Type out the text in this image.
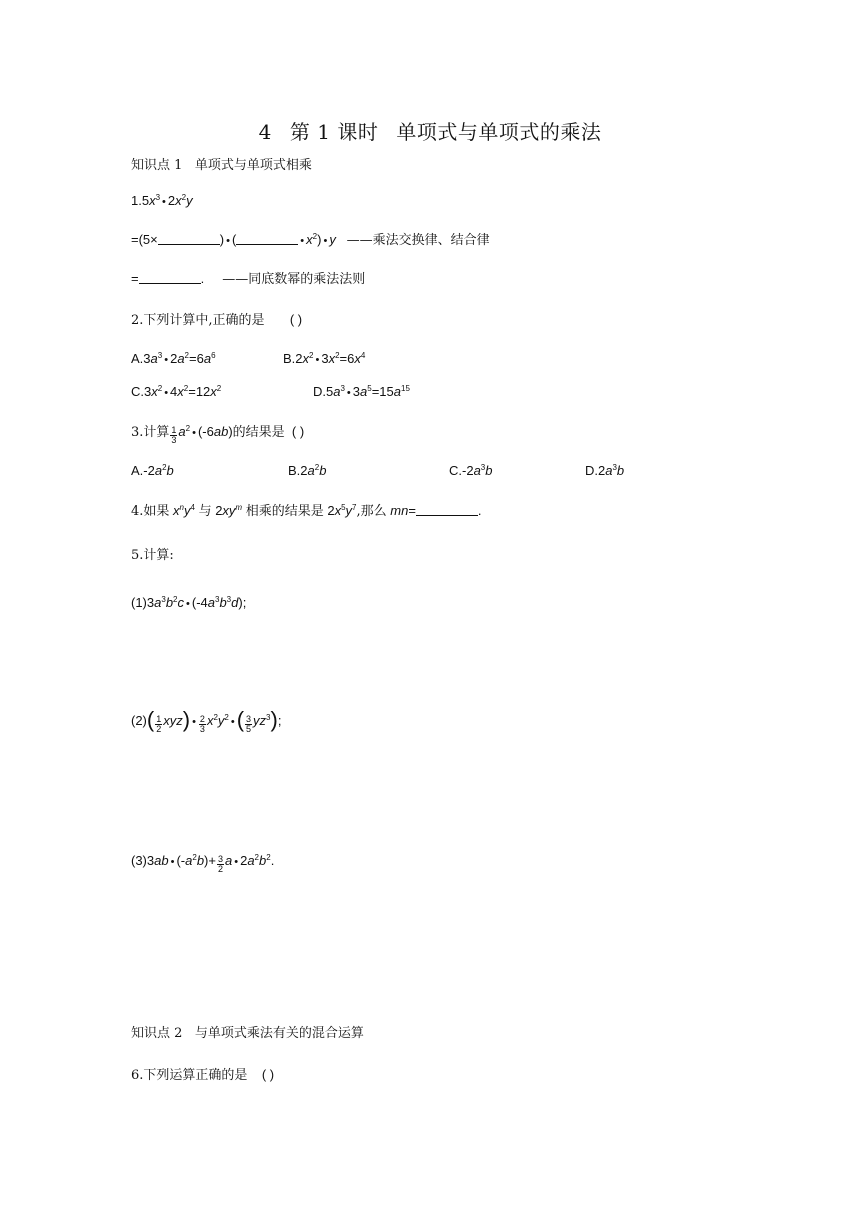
4 第 1 课时 单项式与单项式的乘法
知识点 1 单项式与单项式相乘
$1.5x^3$ • $2x^2y$
=(5×	) • (	• $x^2$) • y ——乘法交换律、结合律
=	.     ——同底数幂的乘法法则
2.下列计算中,正确的是 ( )
$A.3a^3$ • $2a^2=6a^6$	$B.2x^2$ • $3x^2=6x^4$
$C.3x^2$ • $4x^2=12x^2$	$D.5a^3$ • $3a^5=15a^{15}$
3.计算 $\frac{1}{3} a^2$ • (-6ab)的结果是 ( )
$A.-2a^2b$	$B.2a^2b$	$C.-2a^3b$	$D.2a^3b$
4.如果 $x^ny^4$ 与 $2xy^m$ 相乘的结果是 $2x^5y^7$,那么 mn=	.
5.计算:
$(1)3a^3b^2c$ • $(-4a^3b^3d)$;
$(2)( \frac{1}{2} xyz)$ • $\frac{2}{3} x^2y^2$ •( $\frac{3}{5} yz^3$);
(3)3ab • $(-a^2b)+ \frac{3}{2}$ a • $2a^2b^2$.
知识点 2 与单项式乘法有关的混合运算
6.下列运算正确的是 ( )
